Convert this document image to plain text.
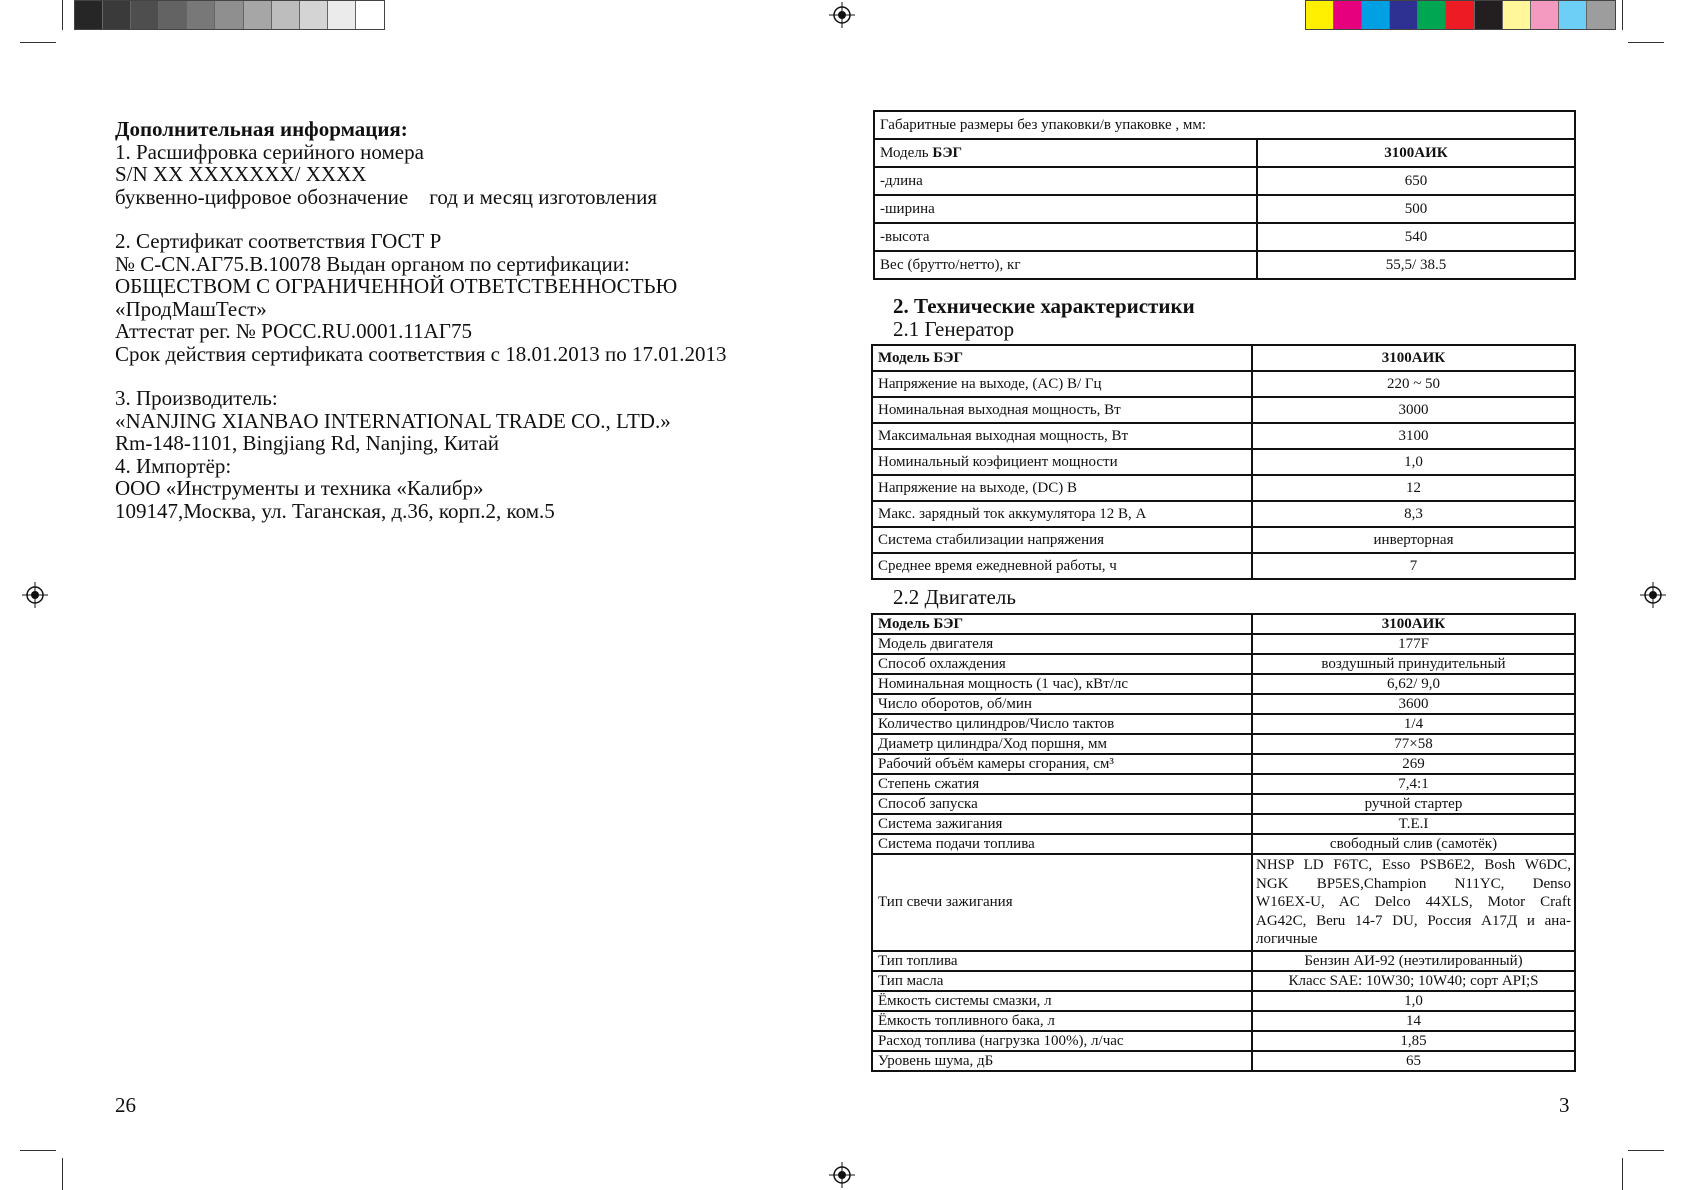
Дополнительная информация:
1. Расшифровка серийного номера
S/N XX XXXXXXX/ XXXX
буквенно-цифровое обозначение год и месяц изготовления
2. Сертификат соответствия ГОСТ Р
№ С-CN.АГ75.В.10078 Выдан органом по сертификации:
ОБЩЕСТВОМ С ОГРАНИЧЕННОЙ ОТВЕТСТВЕННОСТЬЮ
«ПродМашТест»
Аттестат рег. № РОСС.RU.0001.11АГ75
Срок действия сертификата соответствия с 18.01.2013 по 17.01.2013
3. Производитель:
«NANJING XIANBAO INTERNATIONAL TRADE CO., LTD.»
Rm-148-1101, Bingjiang Rd, Nanjing, Китай
4. Импортёр:
ООО «Инструменты и техника «Калибр»
109147,Москва, ул. Таганская, д.36, корп.2, ком.5
26
Габаритные размеры без упаковки/в упаковке , мм:	
Модель БЭГ	3100АИК
-длина	650
-ширина	500
-высота	540
Вес (брутто/нетто), кг	55,5/ 38.5
2. Технические характеристики
2.1 Генератор
Модель БЭГ	3100АИК
Напряжение на выходе, (AC) В/ Гц	220 ~ 50
Номинальная выходная мощность, Вт	3000
Максимальная выходная мощность, Вт	3100
Номинальный коэфициент мощности	1,0
Напряжение на выходе, (DC) В	12
Макс. зарядный ток аккумулятора 12 В, А	8,3
Система стабилизации напряжения	инверторная
Среднее время ежедневной работы, ч	7
2.2 Двигатель
Модель БЭГ	3100АИК
Модель двигателя	177F
Способ охлаждения	воздушный принудительный
Номинальная мощность (1 час), кВт/лс	6,62/ 9,0
Число оборотов, об/мин	3600
Количество цилиндров/Число тактов	1/4
Диаметр цилиндра/Ход поршня, мм	77×58
Рабочий объём камеры сгорания, см³	269
Степень сжатия	7,4:1
Способ запуска	ручной стартер
Система зажигания	T.E.I
Система подачи топлива	свободный слив (самотёк)
Тип свечи зажигания	NHSP LD F6TC, Esso PSB6E2, Bosh W6DC,
NGK BP5ES,Champion N11YC, Denso
W16EX-U, AC Delco 44XLS, Motor Craft
AG42C, Beru 14-7 DU, Россия А17Д и ана-
логичные

Тип топлива	Бензин АИ-92 (неэтилированный)
Тип масла	Класс SAE: 10W30; 10W40; сорт API;S
Ёмкость системы смазки, л	1,0
Ёмкость топливного бака, л	14
Расход топлива (нагрузка 100%), л/час	1,85
Уровень шума, дБ	65
3
